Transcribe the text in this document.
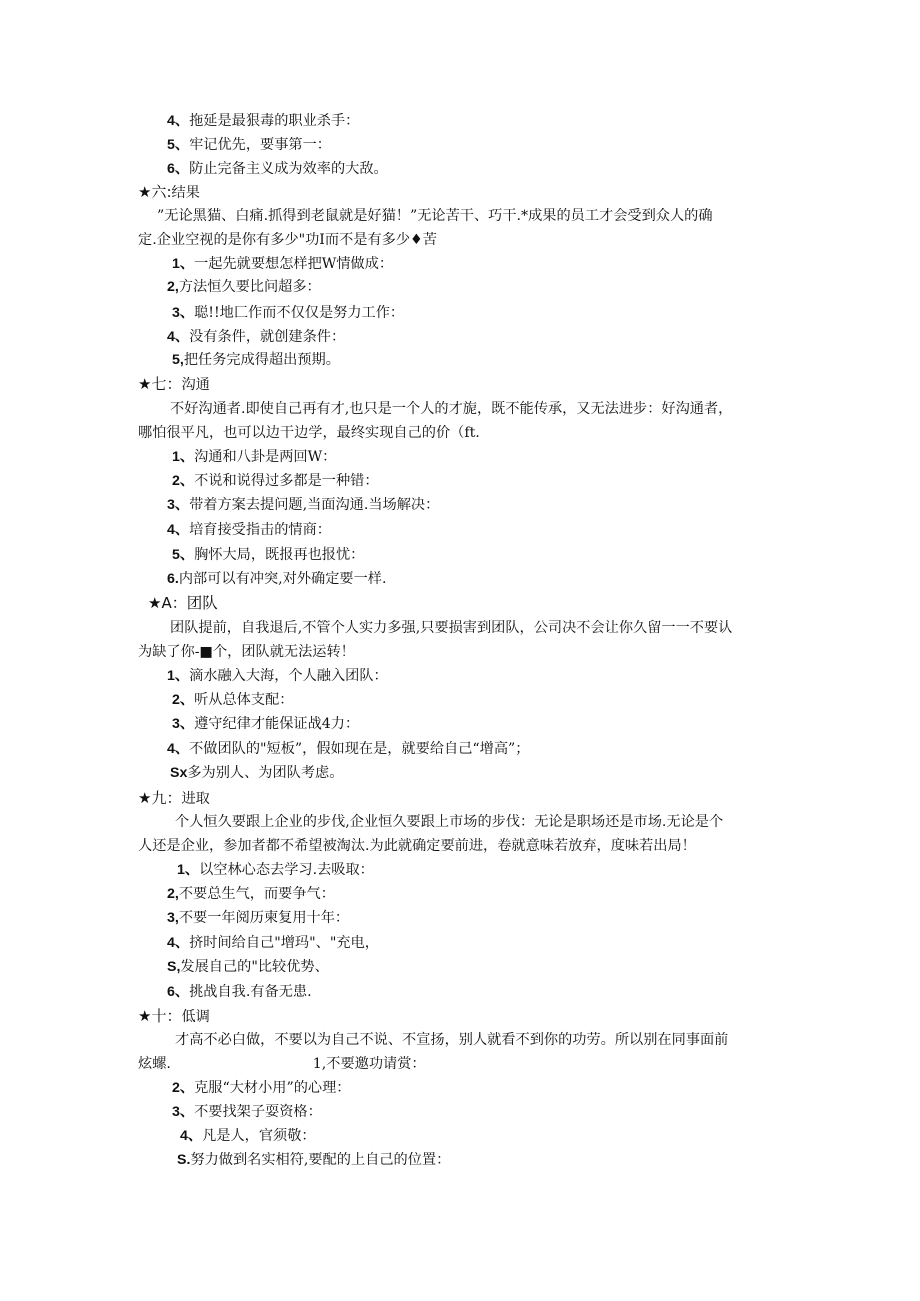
4、拖延是最狠毒的职业杀手：
5、牢记优先，要事第一：
6、防止完备主义成为效率的大敌。
★六:结果
”无论黑猫、白痛.抓得到老鼠就是好猫！”无论苦干、巧干.*成果的员工才会受到众人的确
定.企业空视的是你有多少"功I而不是有多少♦苦
1、一起先就要想怎样把W情做成：
2,方法恒久要比问超多：
3、聪!!地匚作而不仅仅是努力工作：
4、没有条件，就创建条件：
5,把任务完成得超出预期。
★七：沟通
不好沟通者.即使自己再有才,也只是一个人的才旎，既不能传承，又无法进步：好沟通者，
哪怕很平凡，也可以边干边学，最终实现自己的价（ft.
1、沟通和八卦是两回W：
2、不说和说得过多都是一种错：
3、带着方案去提问题,当面沟通.当场解决：
4、培育接受指击的情商：
5、胸怀大局，既报再也报忧：
6.内部可以有冲突,对外确定要一样.
★A：团队
团队提前，自我退后,不管个人实力多强,只要损害到团队，公司决不会让你久留一一不要认
为缺了你-■个，团队就无法运转！
1、滴水融入大海，个人融入团队：
2、听从总体支配：
3、遵守纪律才能保证战4力：
4、不做团队的"短板”，假如现在是，就要给自己“增高”；
Sx多为别人、为团队考虑。
★九：进取
个人恒久要跟上企业的步伐,企业恒久要跟上市场的步伐：无论是职场还是市场.无论是个
人还是企业，参加者都不希望被淘汰.为此就确定要前进，卷就意味若放弃，度味若出局！
1、以空林心态去学习.去吸取：
2,不要总生气，而要争气：
3,不要一年阅历柬复用十年：
4、挤时间给自己"增玛"、"充电，
S,发展自己的"比较优势、
6、挑战自我.有备无患.
★十：低调
才高不必白做，不要以为自己不说、不宣扬，别人就看不到你的功劳。所以别在同事面前
炫螺.　　　　　　　　　　1,不要邀功请赏：
2、克服“大材小用”的心理：
3、不要找架子耍资格：
4、凡是人，官须敬：
S.努力做到名实相符,要配的上自己的位置：
